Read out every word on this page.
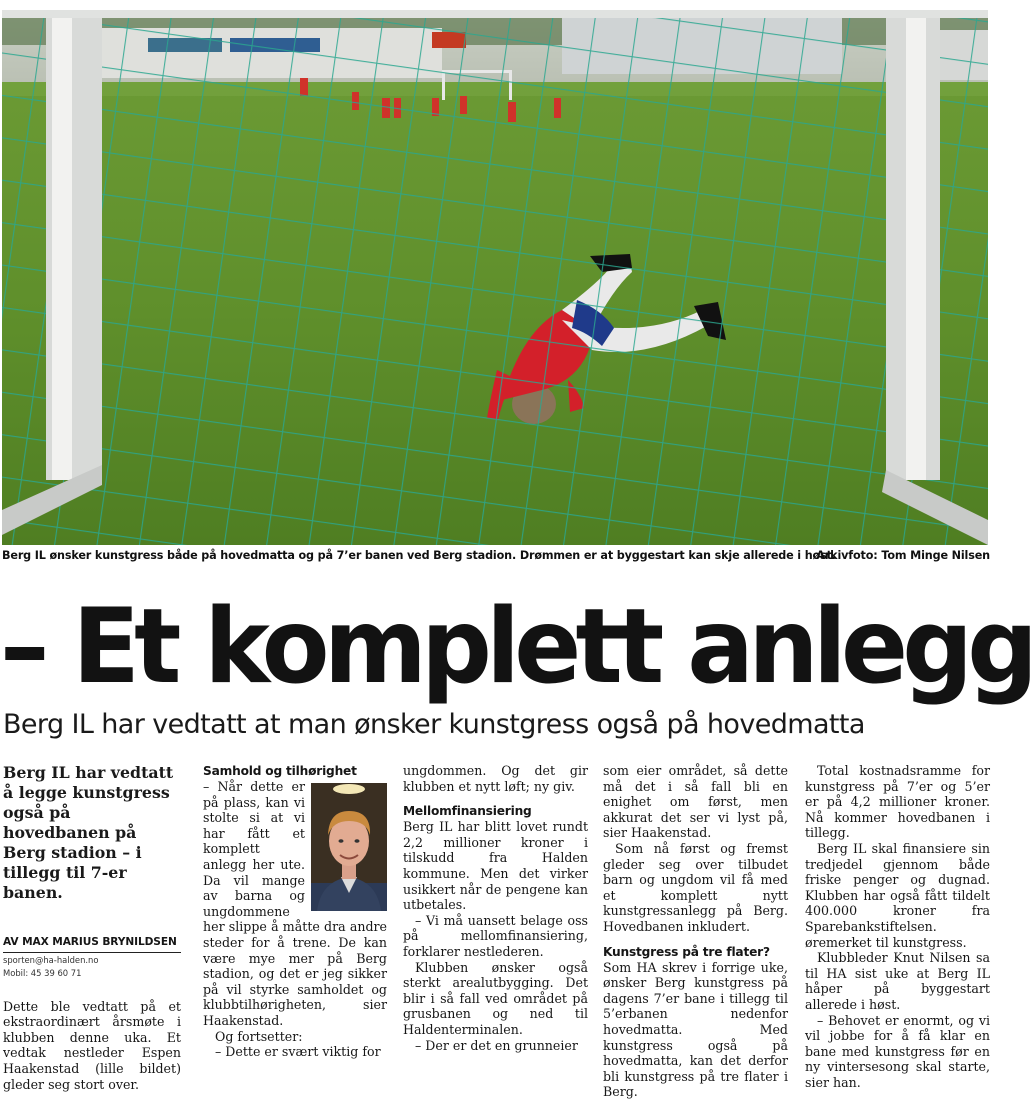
Berg IL ønsker kunstgress både på hovedmatta og på 7’er banen ved Berg stadion. Drømmen er at byggestart kan skje allerede i høst.
Arkivfoto: Tom Minge Nilsen
– Et komplett anlegg
Berg IL har vedtatt at man ønsker kunstgress også på hovedmatta
Berg IL har vedtatt å legge kunstgress også på hovedbanen på Berg stadion – i tillegg til 7-er banen.
AV MAX MARIUS BRYNILDSEN
sporten@ha-halden.no
Mobil: 45 39 60 71

Dette ble vedtatt på et ekstraordinært årsmøte i klubben denne uka. Et vedtak nestleder Espen Haakenstad (lille bildet) gleder seg stort over.

Samhold og tilhørighet

– Når dette er på plass, kan vi stolte si at vi har fått et komplett anlegg her ute. Da vil mange av barna og ungdommene her slippe å måtte dra andre steder for å trene. De kan være mye mer på Berg stadion, og det er jeg sikker på vil styrke samholdet og klubbtilhørigheten, sier Haakenstad.

Og fortsetter:

– Dette er svært viktig for

ungdommen. Og det gir klubben et nytt løft; ny giv.

Mellomfinansiering

Berg IL har blitt lovet rundt 2,2 millioner kroner i tilskudd fra Halden kommune. Men det virker usikkert når de pengene kan utbetales.

– Vi må uansett belage oss på mellomfinansiering, forklarer nestlederen.

Klubben ønsker også sterkt arealutbygging. Det blir i så fall ved området på grusbanen og ned til Haldenterminalen.

– Der er det en grunneier

som eier området, så dette må det i så fall bli en enighet om først, men akkurat det ser vi lyst på, sier Haakenstad.

Som nå først og fremst gleder seg over tilbudet barn og ungdom vil få med et komplett nytt kunstgressanlegg på Berg. Hovedbanen inkludert.

Kunstgress på tre flater?

Som HA skrev i forrige uke, ønsker Berg kunstgress på dagens 7’er bane i tillegg til 5’erbanen nedenfor hovedmatta. Med kunstgress også på hovedmatta, kan det derfor bli kunstgress på tre flater i Berg.

Total kostnadsramme for kunstgress på 7’er og 5’er er på 4,2 millioner kroner. Nå kommer hovedbanen i tillegg.

Berg IL skal finansiere sin tredjedel gjennom både friske penger og dugnad. Klubben har også fått tildelt 400.000 kroner fra Sparebankstiftelsen. øremerket til kunstgress.

Klubbleder Knut Nilsen sa til HA sist uke at Berg IL håper på byggestart allerede i høst.

– Behovet er enormt, og vi vil jobbe for å få klar en bane med kunstgress før en ny vintersesong skal starte, sier han.
